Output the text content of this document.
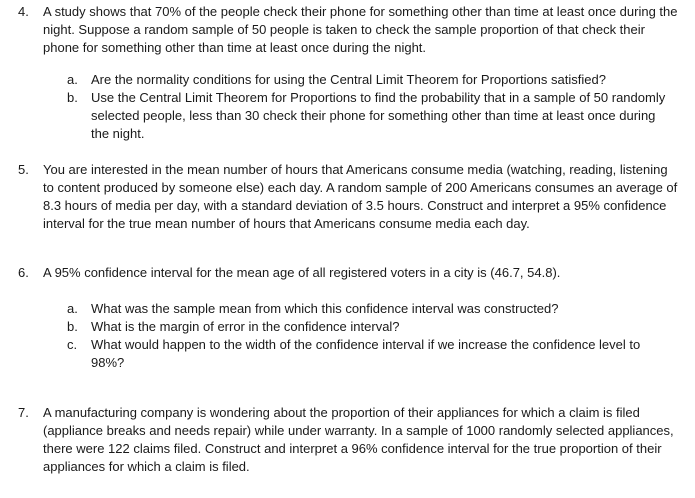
4.	A study shows that 70% of the people check their phone for something other than time at least once during the night. Suppose a random sample of 50 people is taken to check the sample proportion of that check their phone for something other than time at least once during the night.
a. Are the normality conditions for using the Central Limit Theorem for Proportions satisfied?
b. Use the Central Limit Theorem for Proportions to find the probability that in a sample of 50 randomly selected people, less than 30 check their phone for something other than time at least once during the night.
5.	You are interested in the mean number of hours that Americans consume media (watching, reading, listening to content produced by someone else) each day. A random sample of 200 Americans consumes an average of 8.3 hours of media per day, with a standard deviation of 3.5 hours. Construct and interpret a 95% confidence interval for the true mean number of hours that Americans consume media each day.
6.	A 95% confidence interval for the mean age of all registered voters in a city is (46.7, 54.8).
a. What was the sample mean from which this confidence interval was constructed?
b. What is the margin of error in the confidence interval?
c. What would happen to the width of the confidence interval if we increase the confidence level to 98%?
7.	A manufacturing company is wondering about the proportion of their appliances for which a claim is filed (appliance breaks and needs repair) while under warranty. In a sample of 1000 randomly selected appliances, there were 122 claims filed. Construct and interpret a 96% confidence interval for the true proportion of their appliances for which a claim is filed.
